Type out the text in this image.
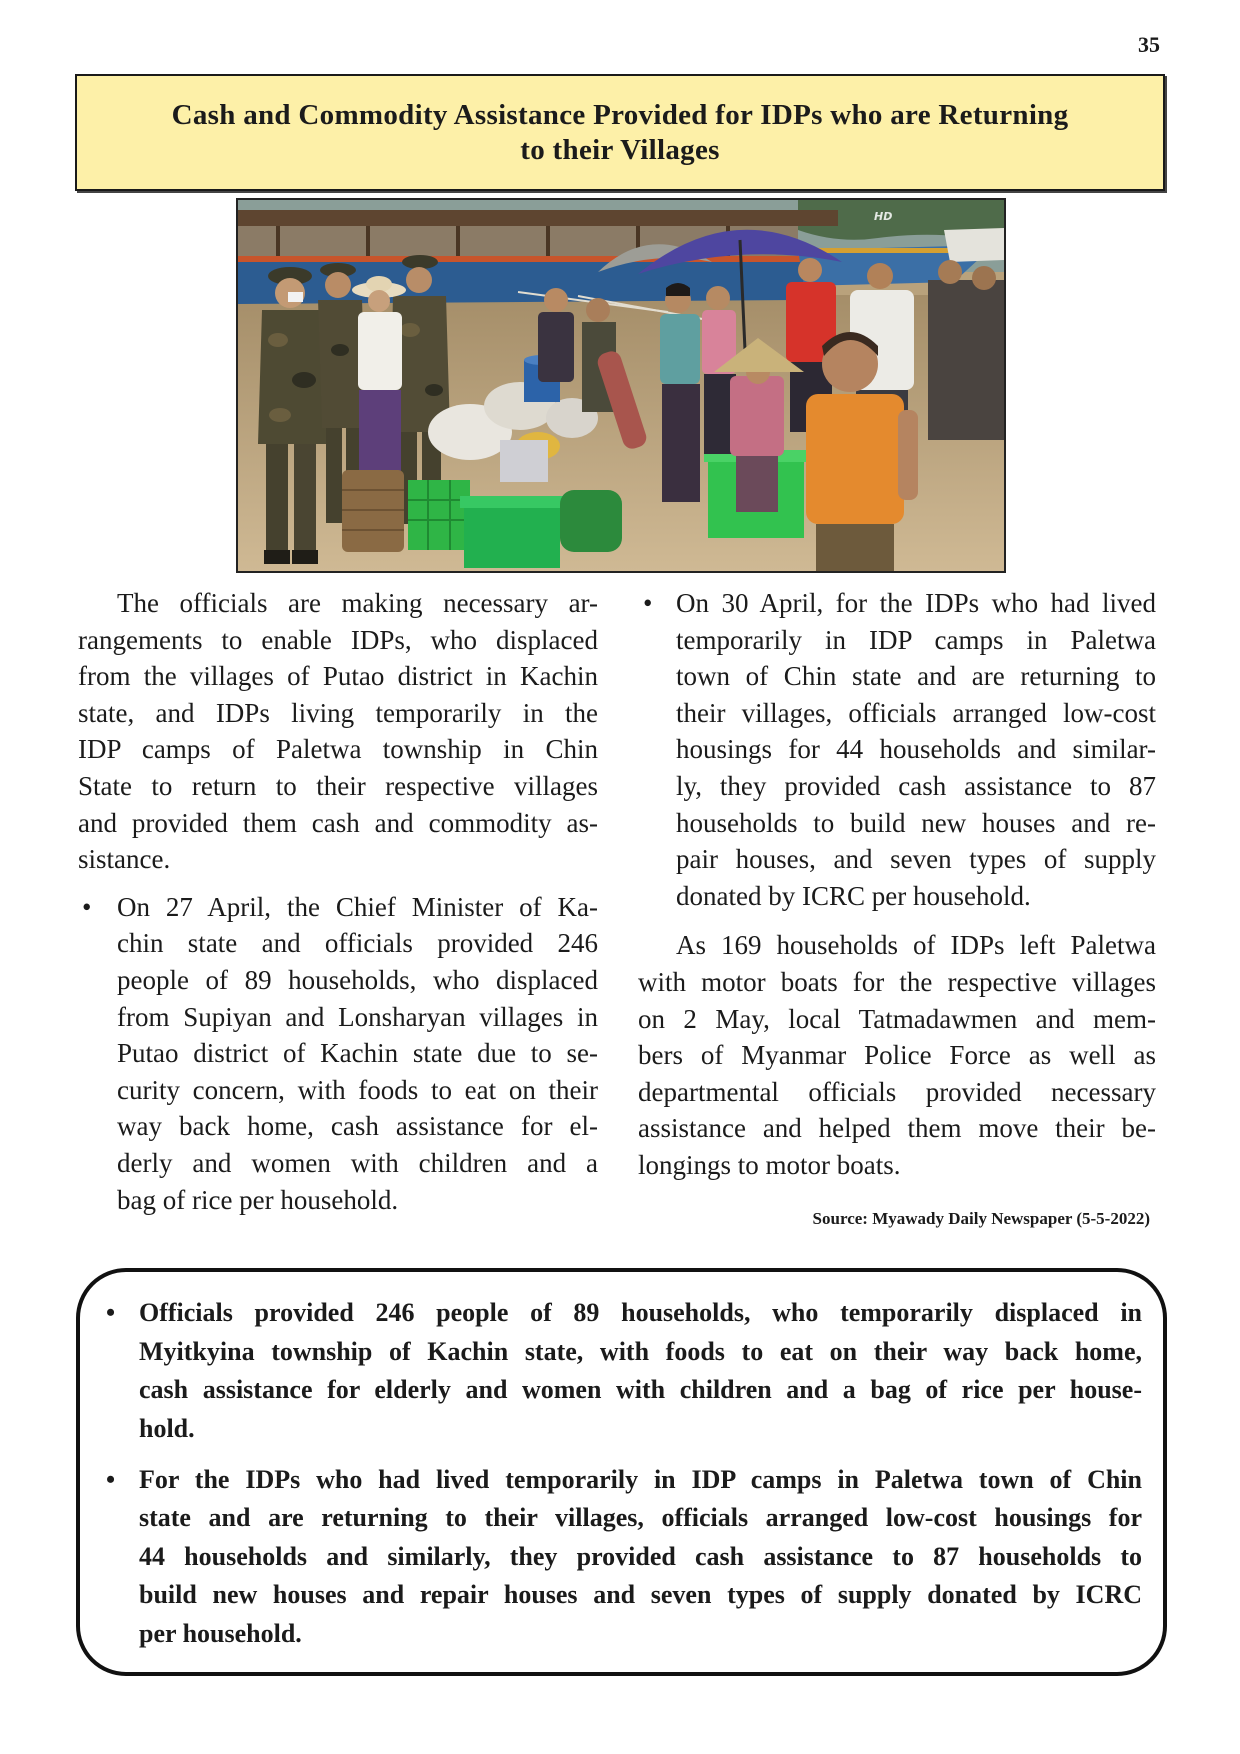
35
Cash and Commodity Assistance Provided for IDPs who are Returning
to their Villages
HD
The officials are making necessary ar-
rangements to enable IDPs, who displaced
from the villages of Putao district in Kachin
state, and IDPs living temporarily in the
IDP camps of Paletwa township in Chin
State to return to their respective villages
and provided them cash and commodity as-
sistance.
• On 27 April, the Chief Minister of Ka-
chin state and officials provided 246
people of 89 households, who displaced
from Supiyan and Lonsharyan villages in
Putao district of Kachin state due to se-
curity concern, with foods to eat on their
way back home, cash assistance for el-
derly and women with children and a
bag of rice per household.
• On 30 April, for the IDPs who had lived
temporarily in IDP camps in Paletwa
town of Chin state and are returning to
their villages, officials arranged low-cost
housings for 44 households and similar-
ly, they provided cash assistance to 87
households to build new houses and re-
pair houses, and seven types of supply
donated by ICRC per household.
As 169 households of IDPs left Paletwa
with motor boats for the respective villages
on 2 May, local Tatmadawmen and mem-
bers of Myanmar Police Force as well as
departmental officials provided necessary
assistance and helped them move their be-
longings to motor boats.
Source: Myawady Daily Newspaper (5-5-2022)
• Officials provided 246 people of 89 households, who temporarily displaced in
Myitkyina township of Kachin state, with foods to eat on their way back home,
cash assistance for elderly and women with children and a bag of rice per house-
hold.
• For the IDPs who had lived temporarily in IDP camps in Paletwa town of Chin
state and are returning to their villages, officials arranged low-cost housings for
44 households and similarly, they provided cash assistance to 87 households to
build new houses and repair houses and seven types of supply donated by ICRC
per household.
